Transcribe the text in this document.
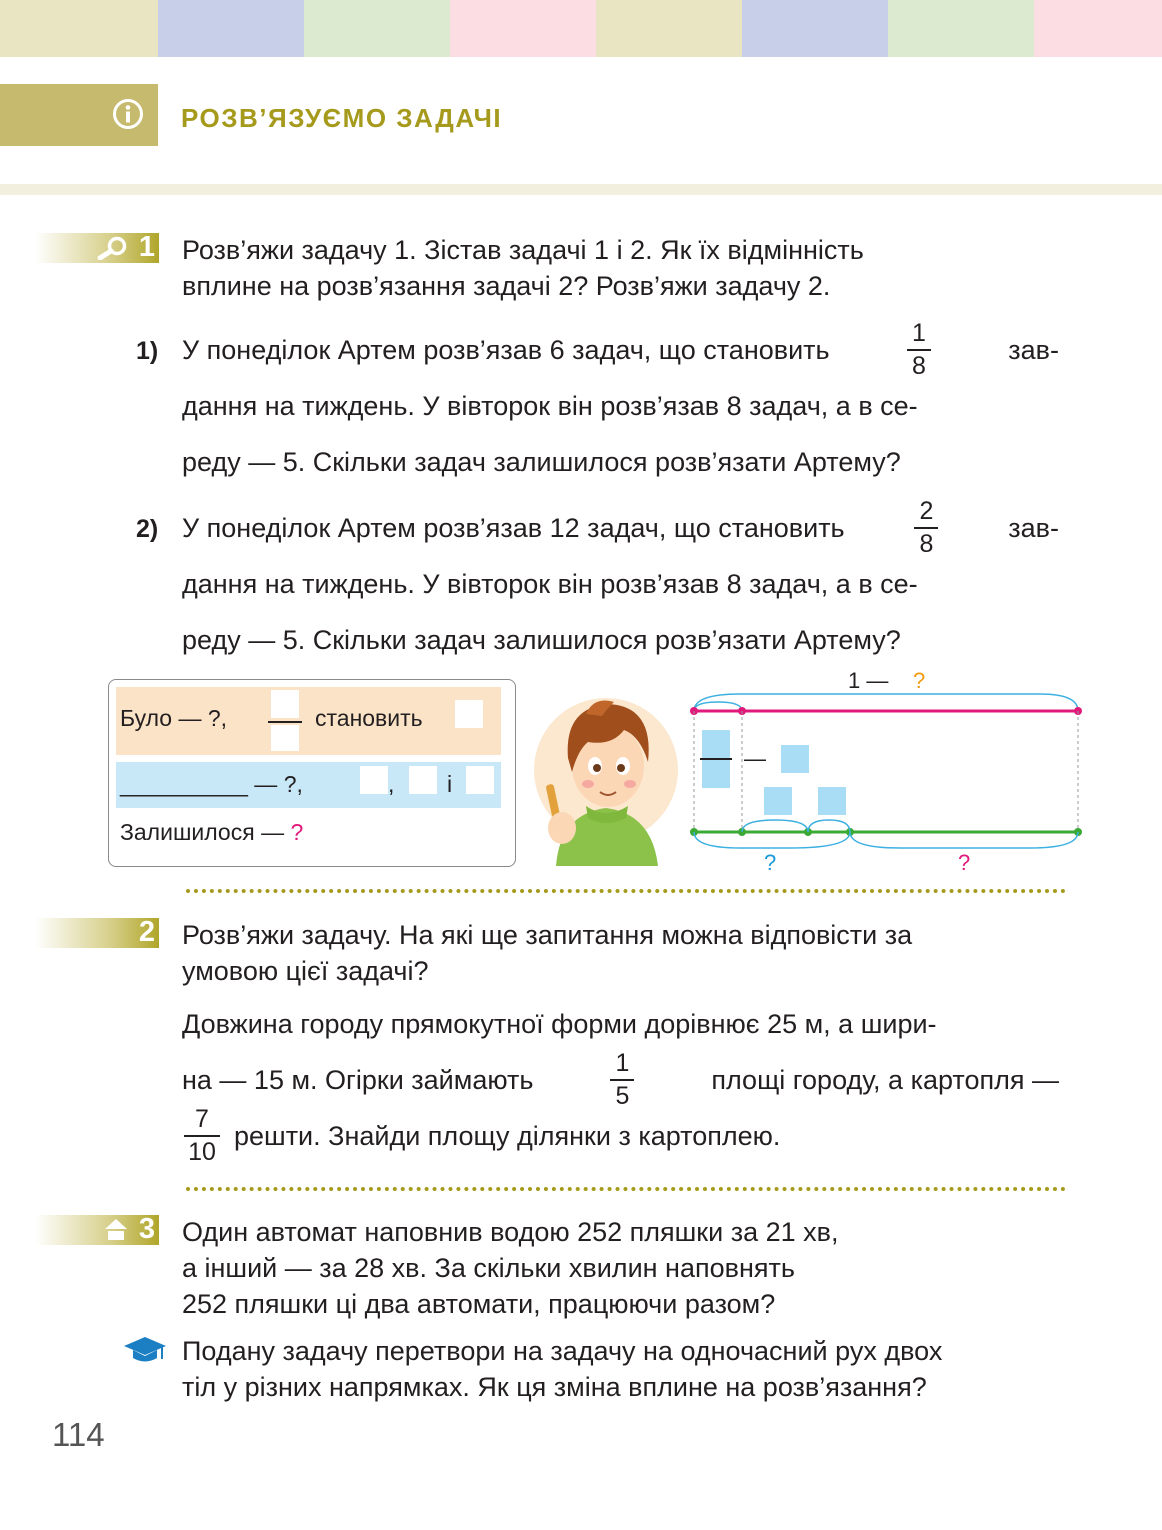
РОЗВ’ЯЗУЄМО ЗАДАЧІ
1 Розв’яжи задачу 1. Зістав задачі 1 і 2. Як їх відмінність

вплине на розв’язання задачі 2? Розв’яжи задачу 2.

1) У понеділок Артем розв’язав 6 задач, що становить	$\frac{1}{8}$	зав-
дання на тиждень. У вівторок він розв’язав 8 задач, а в се-
реду — 5. Скільки задач залишилося розв’язати Артему?
2) У понеділок Артем розв’язав 12 задач, що становить	$\frac{2}{8}$	зав-
дання на тиждень. У вівторок він розв’язав 8 задач, а в се-
реду — 5. Скільки задач залишилося розв’язати Артему?
Було — ?,	становить
__________ — ?,	, і
Залишилося — ?
1 — ?
—
?	?
2 Розв’яжи задачу. На які ще запитання можна відповісти за

умовою цієї задачі?

Довжина городу прямокутної форми дорівнює 25 м, а шири-
на — 15 м. Огірки займають	$\frac{1}{5}$	площі городу, а картопля —
$\frac{7}{10}$ решти. Знайди площу ділянки з картоплею.
3 Один автомат наповнив водою 252 пляшки за 21 хв,

а інший — за 28 хв. За скільки хвилин наповнять

252 пляшки ці два автомати, працюючи разом?

Подану задачу перетвори на задачу на одночасний рух двох

тіл у різних напрямках. Як ця зміна вплине на розв’язання?

114
